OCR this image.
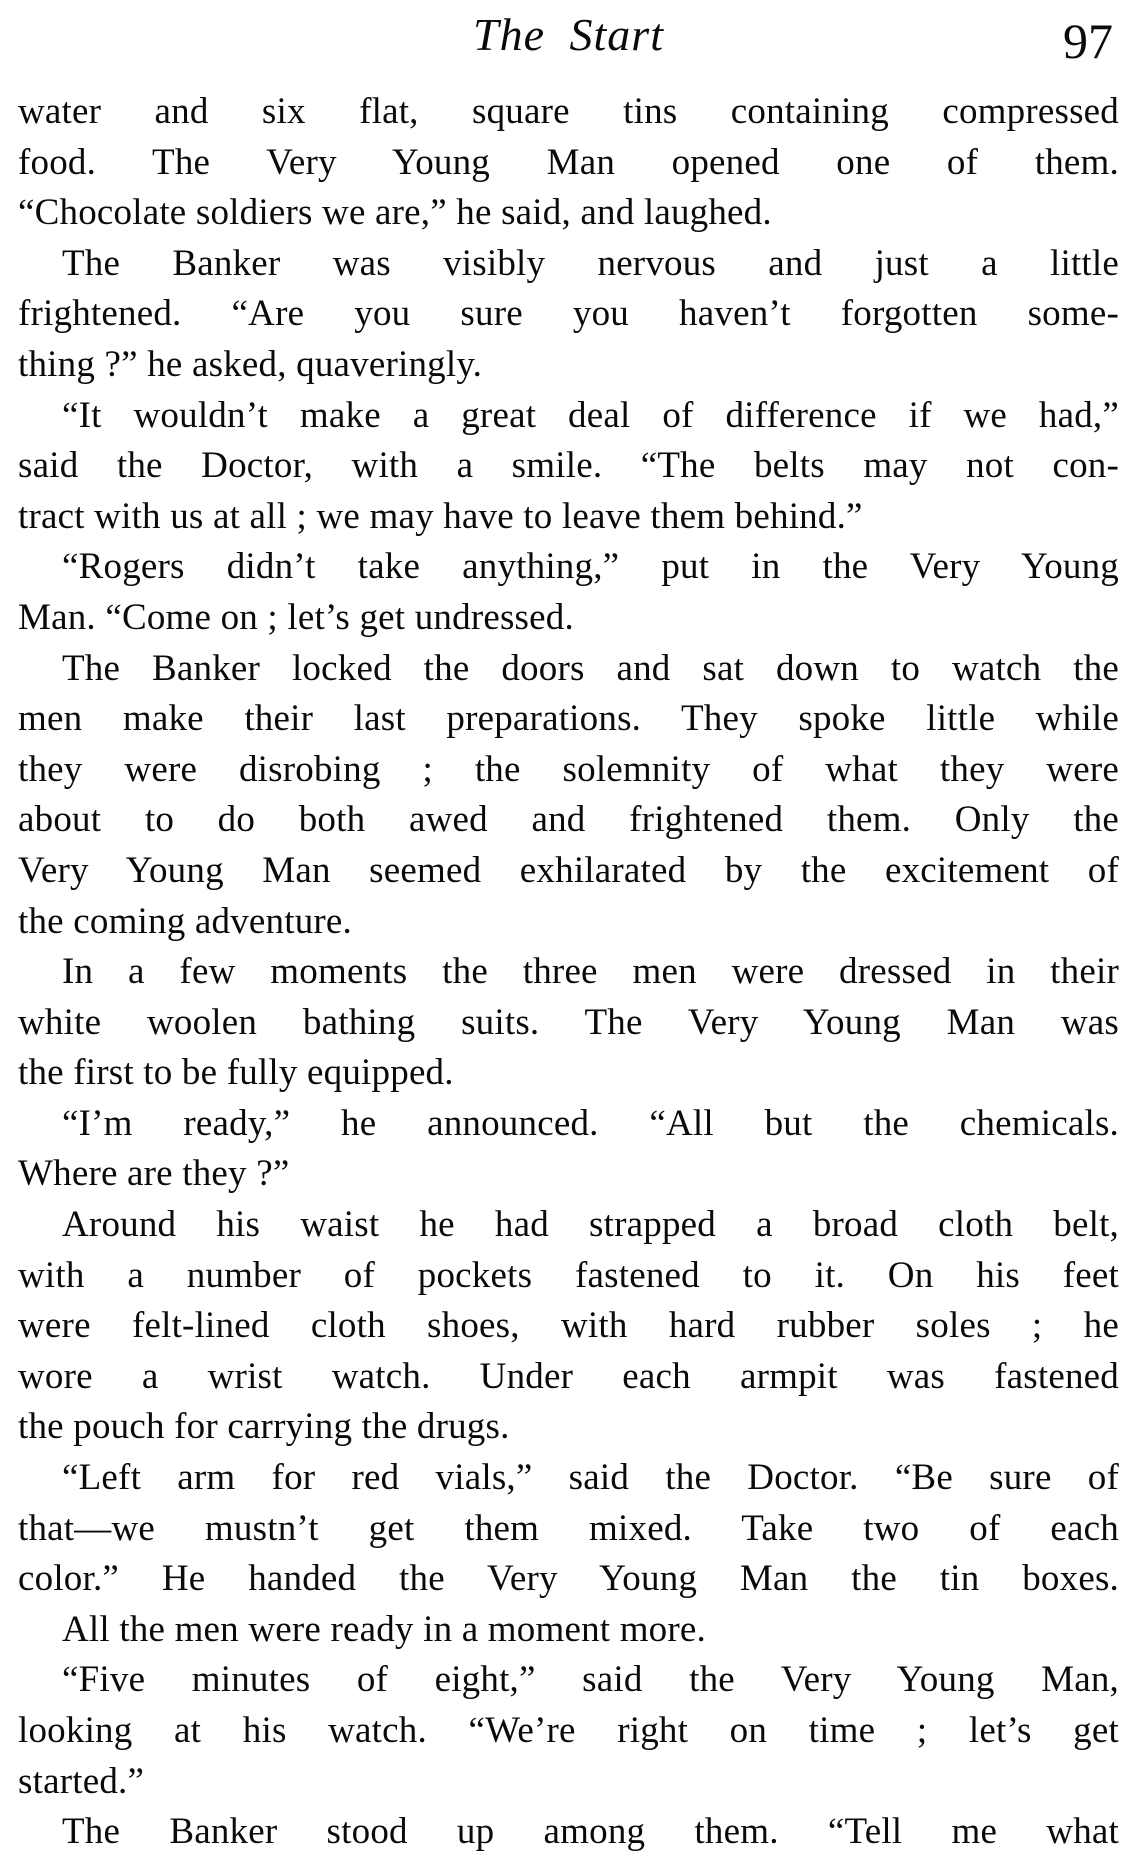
The Start	97
water and six flat, square tins containing compressed
food. The Very Young Man opened one of them.
“Chocolate soldiers we are,” he said, and laughed.
The Banker was visibly nervous and just a little
frightened. “Are you sure you haven’t forgotten some-
thing ?” he asked, quaveringly.
“It wouldn’t make a great deal of difference if we had,”
said the Doctor, with a smile. “The belts may not con-
tract with us at all ; we may have to leave them behind.”
“Rogers didn’t take anything,” put in the Very Young
Man. “Come on ; let’s get undressed.
The Banker locked the doors and sat down to watch the
men make their last preparations. They spoke little while
they were disrobing ; the solemnity of what they were
about to do both awed and frightened them. Only the
Very Young Man seemed exhilarated by the excitement of
the coming adventure.
In a few moments the three men were dressed in their
white woolen bathing suits. The Very Young Man was
the first to be fully equipped.
“I’m ready,” he announced. “All but the chemicals.
Where are they ?”
Around his waist he had strapped a broad cloth belt,
with a number of pockets fastened to it. On his feet
were felt-lined cloth shoes, with hard rubber soles ; he
wore a wrist watch. Under each armpit was fastened
the pouch for carrying the drugs.
“Left arm for red vials,” said the Doctor. “Be sure of
that—we mustn’t get them mixed. Take two of each
color.” He handed the Very Young Man the tin boxes.
All the men were ready in a moment more.
“Five minutes of eight,” said the Very Young Man,
looking at his watch. “We’re right on time ; let’s get
started.”
The Banker stood up among them. “Tell me what
